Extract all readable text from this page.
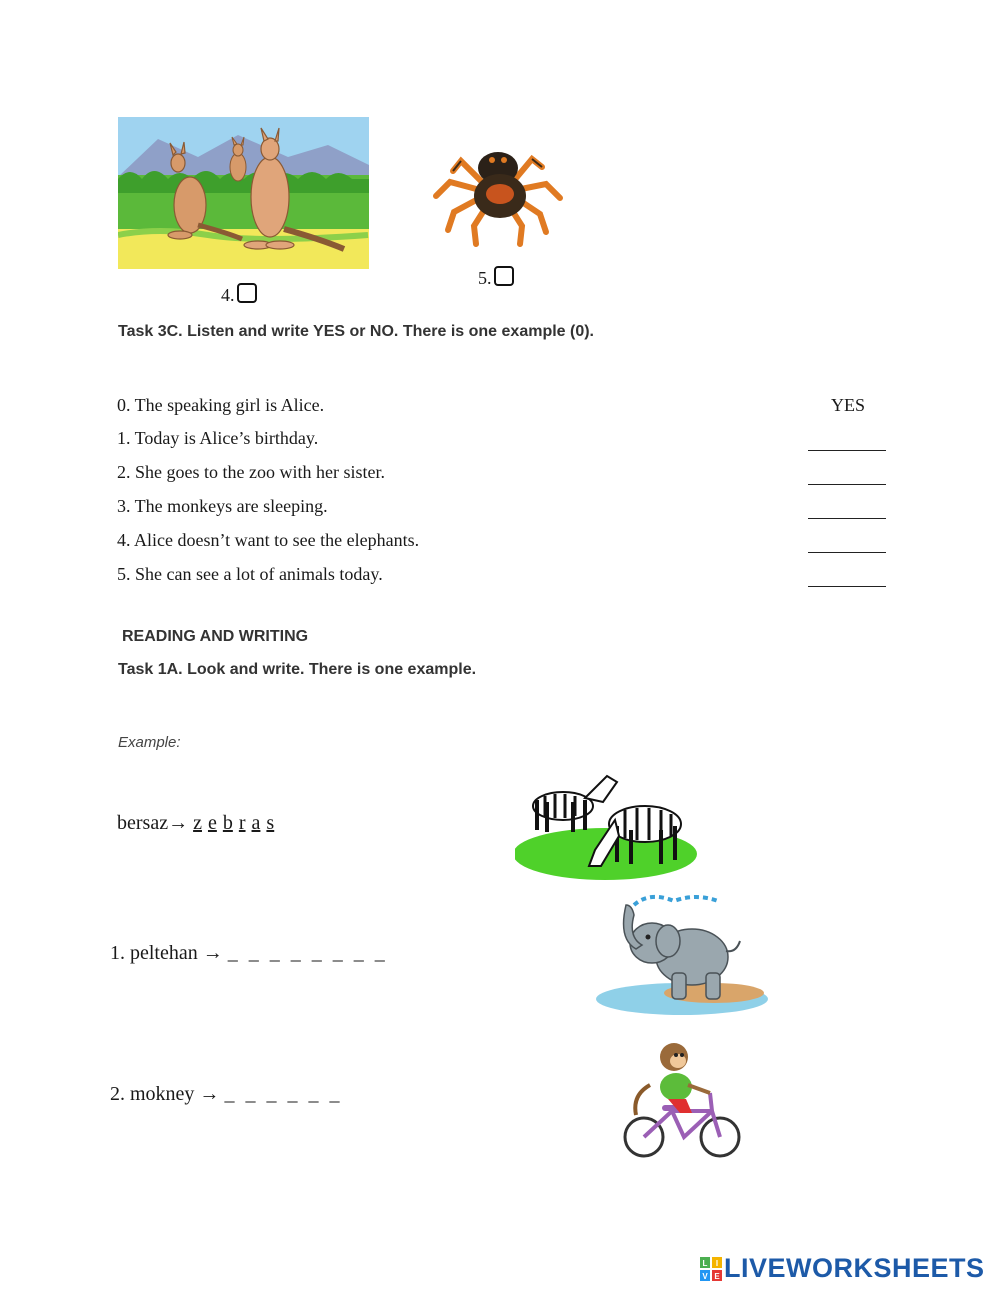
4.
5.
Task 3C. Listen and write YES or NO. There is one example (0).
0. The speaking girl is Alice.	YES
1. Today is Alice’s birthday.
2. She goes to the zoo with her sister.
3. The monkeys are sleeping.
4. Alice doesn’t want to see the elephants.
5. She can see a lot of animals today.
READING AND WRITING
Task 1A. Look and write. There is one example.
Example:
bersaz→ z e b r a s
1. peltehan → _ _ _ _ _ _ _ _
2. mokney → _ _ _ _ _ _
L I
V E LIVEWORKSHEETS
